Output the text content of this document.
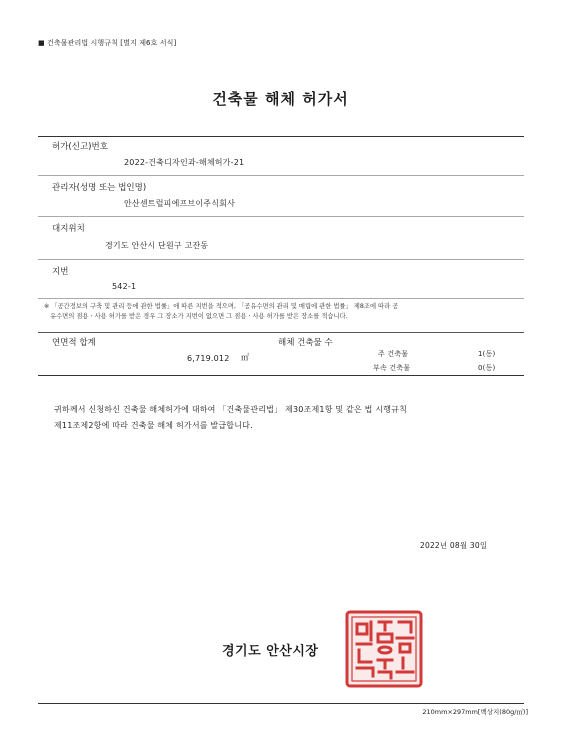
■ 건축물관리법 시행규칙 [별지 제6호 서식]
건축물 해체 허가서
허가(신고)번호
2022-건축디자인과-해체허가-21
관리자(성명 또는 법인명)
안산센트럴피에프브이주식회사
대지위치
경기도 안산시 단원구 고잔동
지번
542-1
※ 「공간정보의 구축 및 관리 등에 관한 법률」에 따른 지번을 적으며, 「공유수면의 관리 및 매립에 관한 법률」 제8조에 따라 공
유수면의 점용ㆍ사용 허가를 받은 경우 그 장소가 지번이 없으면 그 점용ㆍ사용 허가를 받은 장소를 적습니다.
연면적 합계
6,719.012 ㎡
해체 건축물 수
주 건축물	1(동)
부속 건축물	0(동)
귀하께서 신청하신 건축물 해체허가에 대하여 「건축물관리법」 제30조제1항 및 같은 법 시행규칙
제11조제2항에 따라 건축물 해체 허가서를 발급합니다.
2022년 08월 30일
경기도 안산시장
210mm×297mm[백상지(80g/㎡)]
